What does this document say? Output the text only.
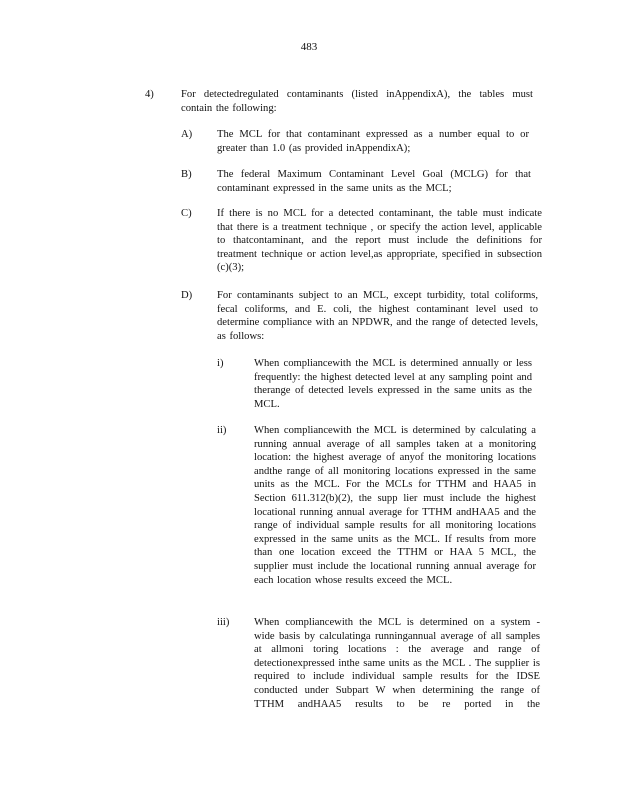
483
4)	For detectedregulated contaminants (listed inAppendixA), the tables must contain the following:
A) The MCL for that contaminant expressed as a number equal to or greater than 1.0 (as provided inAppendixA);
B) The federal Maximum Contaminant Level Goal (MCLG) for that contaminant expressed in the same units as the MCL;
C) If there is no MCL for a detected contaminant, the table must indicate that there is a treatment technique , or specify the action level, applicable to thatcontaminant, and the report must include the definitions for treatment technique or action level,as appropriate, specified in subsection (c)(3);
D) For contaminants subject to an MCL, except turbidity, total coliforms, fecal coliforms, and E. coli, the highest contaminant level used to determine compliance with an NPDWR, and the range of detected levels, as follows:
i)	When compliancewith the MCL is determined annually or less frequently: the highest detected level at any sampling point and therange of detected levels expressed in the same units as the MCL.
ii)	When compliancewith the MCL is determined by calculating a running annual average of all samples taken at a monitoring location: the highest average of anyof the monitoring locations andthe range of all monitoring locations expressed in the same units as the MCL. For the MCLs for TTHM and HAA5 in Section 611.312(b)(2), the supp lier must include the highest locational running annual average for TTHM andHAA5 and the range of individual sample results for all monitoring locations expressed in the same units as the MCL. If results from more than one location exceed the TTHM or HAA 5 MCL, the supplier must include the locational running annual average for each location whose results exceed the MCL.
iii) When compliancewith the MCL is determined on a system - wide basis by calculatinga runningannual average of all samples at allmoni toring locations : the average and range of detectionexpressed inthe same units as the MCL . The supplier is required to include individual sample results for the IDSE conducted under Subpart W when determining the range of TTHM andHAA5 results to be re ported in the
